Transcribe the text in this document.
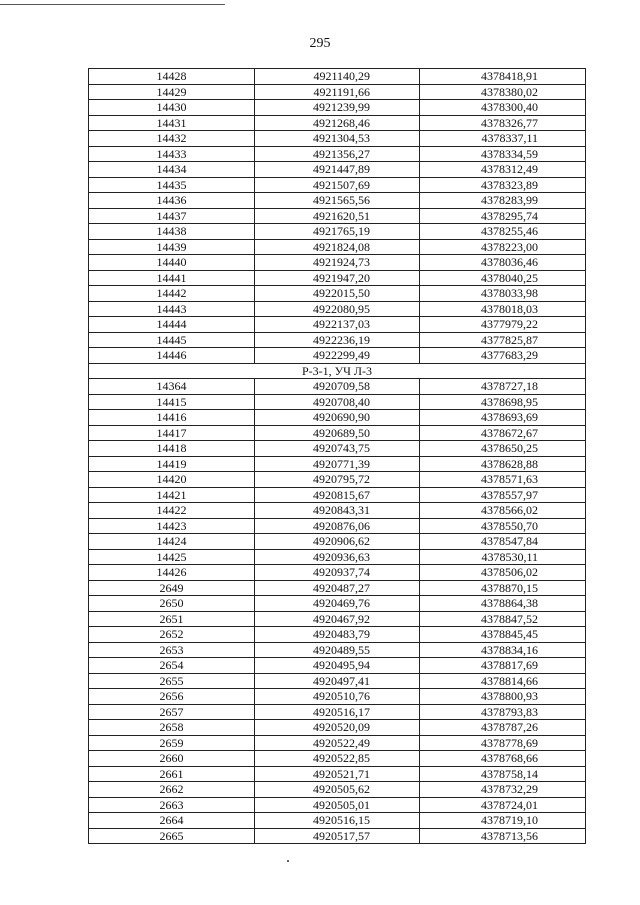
295
14428	4921140,29	4378418,91
14429	4921191,66	4378380,02
14430	4921239,99	4378300,40
14431	4921268,46	4378326,77
14432	4921304,53	4378337,11
14433	4921356,27	4378334,59
14434	4921447,89	4378312,49
14435	4921507,69	4378323,89
14436	4921565,56	4378283,99
14437	4921620,51	4378295,74
14438	4921765,19	4378255,46
14439	4921824,08	4378223,00
14440	4921924,73	4378036,46
14441	4921947,20	4378040,25
14442	4922015,50	4378033,98
14443	4922080,95	4378018,03
14444	4922137,03	4377979,22
14445	4922236,19	4377825,87
14446	4922299,49	4377683,29
Р-3-1, УЧ Л-3		
14364	4920709,58	4378727,18
14415	4920708,40	4378698,95
14416	4920690,90	4378693,69
14417	4920689,50	4378672,67
14418	4920743,75	4378650,25
14419	4920771,39	4378628,88
14420	4920795,72	4378571,63
14421	4920815,67	4378557,97
14422	4920843,31	4378566,02
14423	4920876,06	4378550,70
14424	4920906,62	4378547,84
14425	4920936,63	4378530,11
14426	4920937,74	4378506,02
2649	4920487,27	4378870,15
2650	4920469,76	4378864,38
2651	4920467,92	4378847,52
2652	4920483,79	4378845,45
2653	4920489,55	4378834,16
2654	4920495,94	4378817,69
2655	4920497,41	4378814,66
2656	4920510,76	4378800,93
2657	4920516,17	4378793,83
2658	4920520,09	4378787,26
2659	4920522,49	4378778,69
2660	4920522,85	4378768,66
2661	4920521,71	4378758,14
2662	4920505,62	4378732,29
2663	4920505,01	4378724,01
2664	4920516,15	4378719,10
2665	4920517,57	4378713,56
